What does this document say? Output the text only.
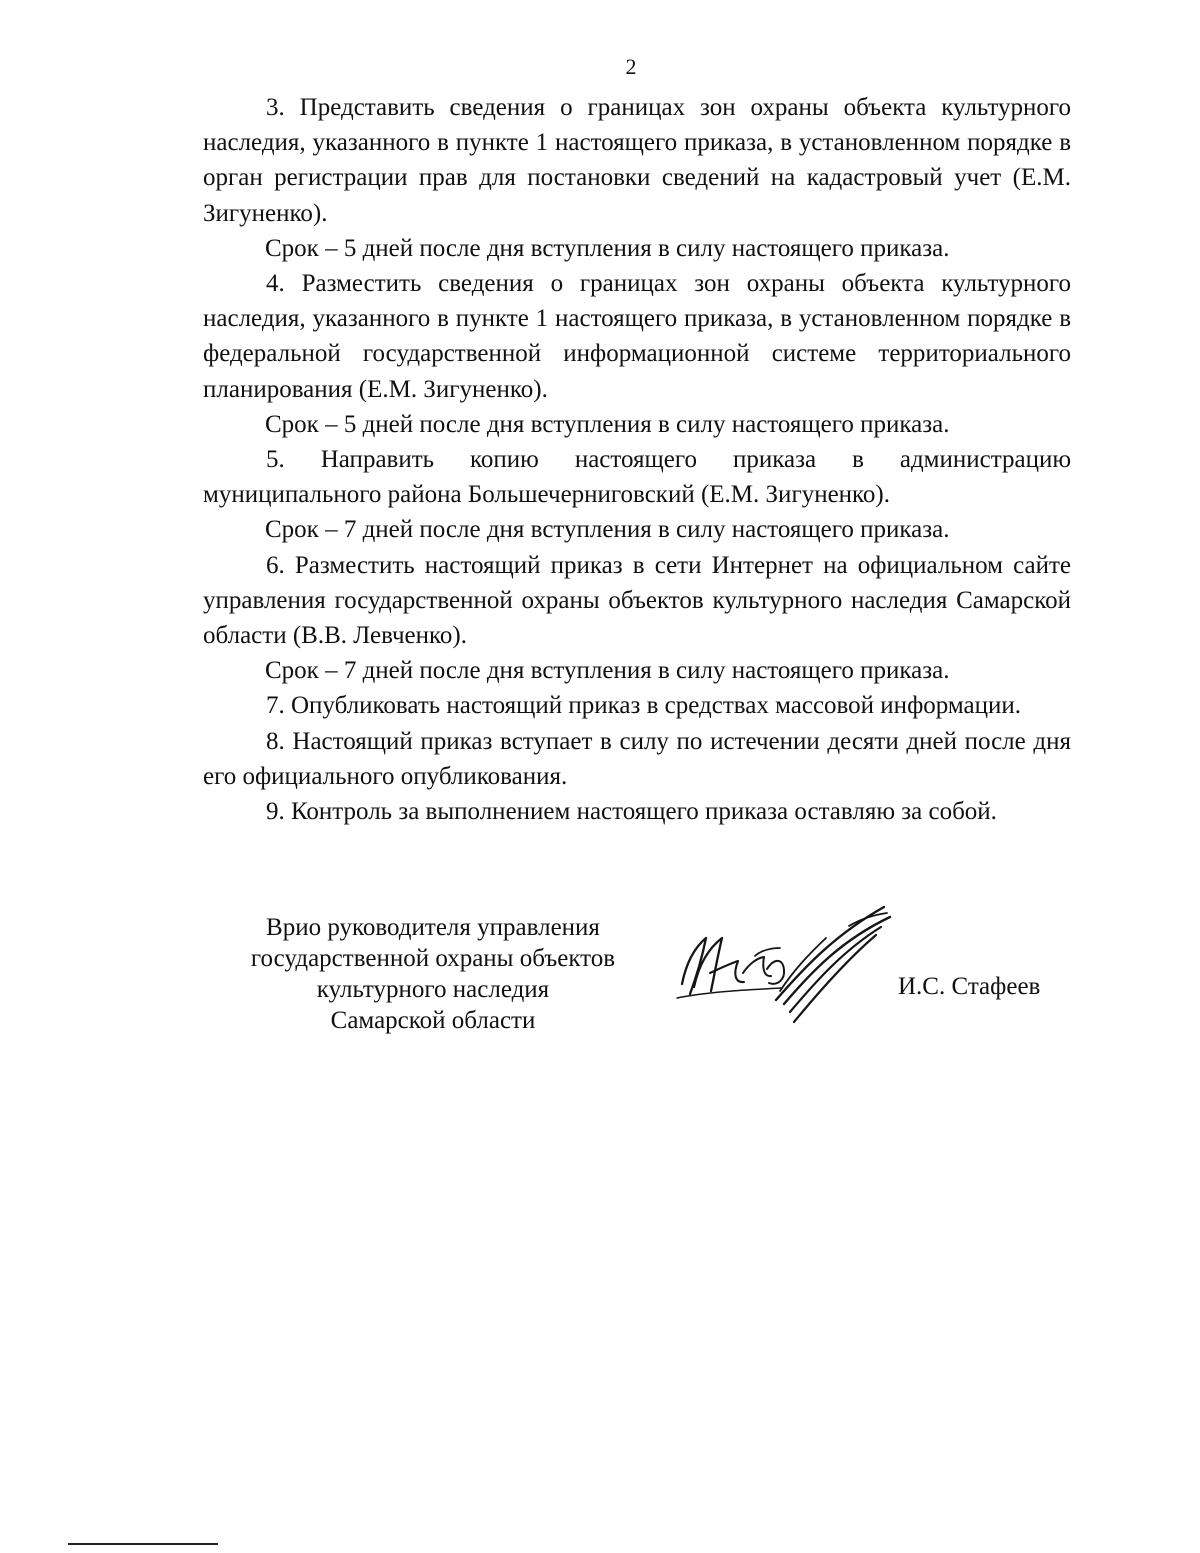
2

3. Представить сведения о границах зон охраны объекта культурного наследия, указанного в пункте 1 настоящего приказа, в установленном порядке в орган регистрации прав для постановки сведений на кадастровый учет (Е.М. Зигуненко).

Срок – 5 дней после дня вступления в силу настоящего приказа.

4. Разместить сведения о границах зон охраны объекта культурного наследия, указанного в пункте 1 настоящего приказа, в установленном порядке в федеральной государственной информационной системе территориального планирования (Е.М. Зигуненко).

Срок – 5 дней после дня вступления в силу настоящего приказа.

5. Направить копию настоящего приказа в администрацию муниципального района Большечерниговский (Е.М. Зигуненко).

Срок – 7 дней после дня вступления в силу настоящего приказа.

6. Разместить настоящий приказ в сети Интернет на официальном сайте управления государственной охраны объектов культурного наследия Самарской области (В.В. Левченко).

Срок – 7 дней после дня вступления в силу настоящего приказа.

7. Опубликовать настоящий приказ в средствах массовой информации.

8. Настоящий приказ вступает в силу по истечении десяти дней после дня его официального опубликования.

9. Контроль за выполнением настоящего приказа оставляю за собой.

Врио руководителя управления
государственной охраны объектов
культурного наследия
Самарской области
И.С. Стафеев
